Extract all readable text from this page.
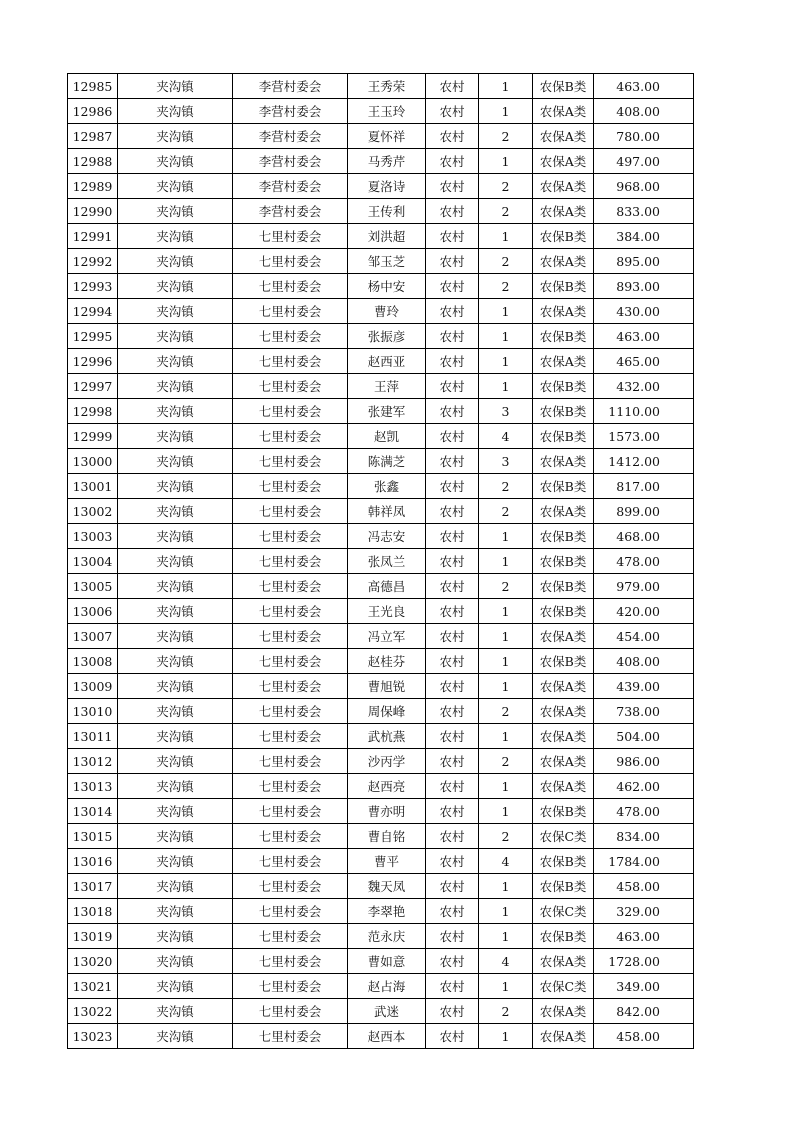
12985	夹沟镇	李营村委会	王秀荣	农村	1	农保B类	463.00
12986	夹沟镇	李营村委会	王玉玲	农村	1	农保A类	408.00
12987	夹沟镇	李营村委会	夏怀祥	农村	2	农保A类	780.00
12988	夹沟镇	李营村委会	马秀芹	农村	1	农保A类	497.00
12989	夹沟镇	李营村委会	夏洛诗	农村	2	农保A类	968.00
12990	夹沟镇	李营村委会	王传利	农村	2	农保A类	833.00
12991	夹沟镇	七里村委会	刘洪超	农村	1	农保B类	384.00
12992	夹沟镇	七里村委会	邹玉芝	农村	2	农保A类	895.00
12993	夹沟镇	七里村委会	杨中安	农村	2	农保B类	893.00
12994	夹沟镇	七里村委会	曹玲	农村	1	农保A类	430.00
12995	夹沟镇	七里村委会	张振彦	农村	1	农保B类	463.00
12996	夹沟镇	七里村委会	赵西亚	农村	1	农保A类	465.00
12997	夹沟镇	七里村委会	王萍	农村	1	农保B类	432.00
12998	夹沟镇	七里村委会	张建军	农村	3	农保B类	1110.00
12999	夹沟镇	七里村委会	赵凯	农村	4	农保B类	1573.00
13000	夹沟镇	七里村委会	陈满芝	农村	3	农保A类	1412.00
13001	夹沟镇	七里村委会	张鑫	农村	2	农保B类	817.00
13002	夹沟镇	七里村委会	韩祥凤	农村	2	农保A类	899.00
13003	夹沟镇	七里村委会	冯志安	农村	1	农保B类	468.00
13004	夹沟镇	七里村委会	张凤兰	农村	1	农保B类	478.00
13005	夹沟镇	七里村委会	高德昌	农村	2	农保B类	979.00
13006	夹沟镇	七里村委会	王光良	农村	1	农保B类	420.00
13007	夹沟镇	七里村委会	冯立军	农村	1	农保A类	454.00
13008	夹沟镇	七里村委会	赵桂芬	农村	1	农保B类	408.00
13009	夹沟镇	七里村委会	曹旭锐	农村	1	农保A类	439.00
13010	夹沟镇	七里村委会	周保峰	农村	2	农保A类	738.00
13011	夹沟镇	七里村委会	武杭燕	农村	1	农保A类	504.00
13012	夹沟镇	七里村委会	沙丙学	农村	2	农保A类	986.00
13013	夹沟镇	七里村委会	赵西亮	农村	1	农保A类	462.00
13014	夹沟镇	七里村委会	曹亦明	农村	1	农保B类	478.00
13015	夹沟镇	七里村委会	曹自铭	农村	2	农保C类	834.00
13016	夹沟镇	七里村委会	曹平	农村	4	农保B类	1784.00
13017	夹沟镇	七里村委会	魏天凤	农村	1	农保B类	458.00
13018	夹沟镇	七里村委会	李翠艳	农村	1	农保C类	329.00
13019	夹沟镇	七里村委会	范永庆	农村	1	农保B类	463.00
13020	夹沟镇	七里村委会	曹如意	农村	4	农保A类	1728.00
13021	夹沟镇	七里村委会	赵占海	农村	1	农保C类	349.00
13022	夹沟镇	七里村委会	武迷	农村	2	农保A类	842.00
13023	夹沟镇	七里村委会	赵西本	农村	1	农保A类	458.00
